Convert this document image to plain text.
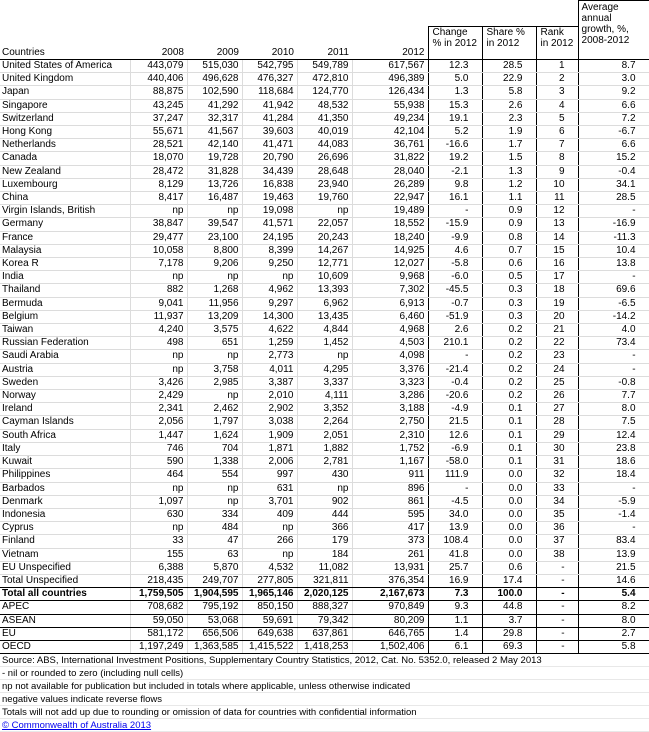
									Average annual growth, %, 2008-2012
						Change % in 2012	Share % in 2012	Rank in 2012	
Countries	2008	2009	2010	2011	2012				
United States of America	443,079	515,030	542,795	549,789	617,567	12.3	28.5	1	8.7
United Kingdom	440,406	496,628	476,327	472,810	496,389	5.0	22.9	2	3.0
Japan	88,875	102,590	118,684	124,770	126,434	1.3	5.8	3	9.2
Singapore	43,245	41,292	41,942	48,532	55,938	15.3	2.6	4	6.6
Switzerland	37,247	32,317	41,284	41,350	49,234	19.1	2.3	5	7.2
Hong Kong	55,671	41,567	39,603	40,019	42,104	5.2	1.9	6	-6.7
Netherlands	28,521	42,140	41,471	44,083	36,761	-16.6	1.7	7	6.6
Canada	18,070	19,728	20,790	26,696	31,822	19.2	1.5	8	15.2
New Zealand	28,472	31,828	34,439	28,648	28,040	-2.1	1.3	9	-0.4
Luxembourg	8,129	13,726	16,838	23,940	26,289	9.8	1.2	10	34.1
China	8,417	16,487	19,463	19,760	22,947	16.1	1.1	11	28.5
Virgin Islands, British	np	np	19,098	np	19,489	-	0.9	12	-
Germany	38,847	39,547	41,571	22,057	18,552	-15.9	0.9	13	-16.9
France	29,477	23,100	24,195	20,243	18,240	-9.9	0.8	14	-11.3
Malaysia	10,058	8,800	8,399	14,267	14,925	4.6	0.7	15	10.4
Korea R	7,178	9,206	9,250	12,771	12,027	-5.8	0.6	16	13.8
India	np	np	np	10,609	9,968	-6.0	0.5	17	-
Thailand	882	1,268	4,962	13,393	7,302	-45.5	0.3	18	69.6
Bermuda	9,041	11,956	9,297	6,962	6,913	-0.7	0.3	19	-6.5
Belgium	11,937	13,209	14,300	13,435	6,460	-51.9	0.3	20	-14.2
Taiwan	4,240	3,575	4,622	4,844	4,968	2.6	0.2	21	4.0
Russian Federation	498	651	1,259	1,452	4,503	210.1	0.2	22	73.4
Saudi Arabia	np	np	2,773	np	4,098	-	0.2	23	-
Austria	np	3,758	4,011	4,295	3,376	-21.4	0.2	24	-
Sweden	3,426	2,985	3,387	3,337	3,323	-0.4	0.2	25	-0.8
Norway	2,429	np	2,010	4,111	3,286	-20.6	0.2	26	7.7
Ireland	2,341	2,462	2,902	3,352	3,188	-4.9	0.1	27	8.0
Cayman Islands	2,056	1,797	3,038	2,264	2,750	21.5	0.1	28	7.5
South Africa	1,447	1,624	1,909	2,051	2,310	12.6	0.1	29	12.4
Italy	746	704	1,871	1,882	1,752	-6.9	0.1	30	23.8
Kuwait	590	1,338	2,006	2,781	1,167	-58.0	0.1	31	18.6
Philippines	464	554	997	430	911	111.9	0.0	32	18.4
Barbados	np	np	631	np	896	-	0.0	33	-
Denmark	1,097	np	3,701	902	861	-4.5	0.0	34	-5.9
Indonesia	630	334	409	444	595	34.0	0.0	35	-1.4
Cyprus	np	484	np	366	417	13.9	0.0	36	-
Finland	33	47	266	179	373	108.4	0.0	37	83.4
Vietnam	155	63	np	184	261	41.8	0.0	38	13.9
EU Unspecified	6,388	5,870	4,532	11,082	13,931	25.7	0.6	-	21.5
Total Unspecified	218,435	249,707	277,805	321,811	376,354	16.9	17.4	-	14.6
Total all countries	1,759,505	1,904,595	1,965,146	2,020,125	2,167,673	7.3	100.0	-	5.4
APEC	708,682	795,192	850,150	888,327	970,849	9.3	44.8	-	8.2
ASEAN	59,050	53,068	59,691	79,342	80,209	1.1	3.7	-	8.0
EU	581,172	656,506	649,638	637,861	646,765	1.4	29.8	-	2.7
OECD	1,197,249	1,363,585	1,415,522	1,418,253	1,502,406	6.1	69.3	-	5.8
Source: ABS, International Investment Positions, Supplementary Country Statistics, 2012, Cat. No. 5352.0, released 2 May 2013
- nil or rounded to zero (including null cells)
np not available for publication but included in totals where applicable, unless otherwise indicated
negative values indicate reverse flows
Totals will not add up due to rounding or omission of data for countries with confidential information
© Commonwealth of Australia 2013
